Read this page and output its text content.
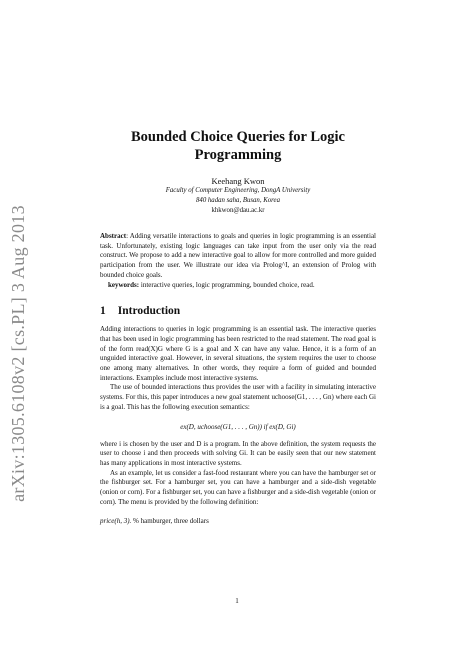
arXiv:1305.6108v2 [cs.PL] 3 Aug 2013
Bounded Choice Queries for Logic
Programming
Keehang Kwon
Faculty of Computer Engineering, DongA University
840 hadan saha, Busan, Korea
khkwon@dau.ac.kr
Abstract: Adding versatile interactions to goals and queries in logic programming is an essential task. Unfortunately, existing logic languages can take input from the user only via the read construct. We propose to add a new interactive goal to allow for more controlled and more guided participation from the user. We illustrate our idea via Prolog^I, an extension of Prolog with bounded choice goals.
keywords: interactive queries, logic programming, bounded choice, read.
1 Introduction

Adding interactions to queries in logic programming is an essential task. The interactive queries that has been used in logic programming has been restricted to the read statement. The read goal is of the form read(X)G where G is a goal and X can have any value. Hence, it is a form of an unguided interactive goal. However, in several situations, the system requires the user to choose one among many alternatives. In other words, they require a form of guided and bounded interactions. Examples include most interactive systems.

The use of bounded interactions thus provides the user with a facility in simulating interactive systems. For this, this paper introduces a new goal statement uchoose(G1, . . . , Gn) where each Gi is a goal. This has the following execution semantics:

ex(D, uchoose(G1, . . . , Gn)) if ex(D, Gi)

where i is chosen by the user and D is a program. In the above definition, the system requests the user to choose i and then proceeds with solving Gi. It can be easily seen that our new statement has many applications in most interactive systems.

As an example, let us consider a fast-food restaurant where you can have the hamburger set or the fishburger set. For a hamburger set, you can have a hamburger and a side-dish vegetable (onion or corn). For a fishburger set, you can have a fishburger and a side-dish vegetable (onion or corn). The menu is provided by the following definition:

price(h, 3). % hamburger, three dollars
1
